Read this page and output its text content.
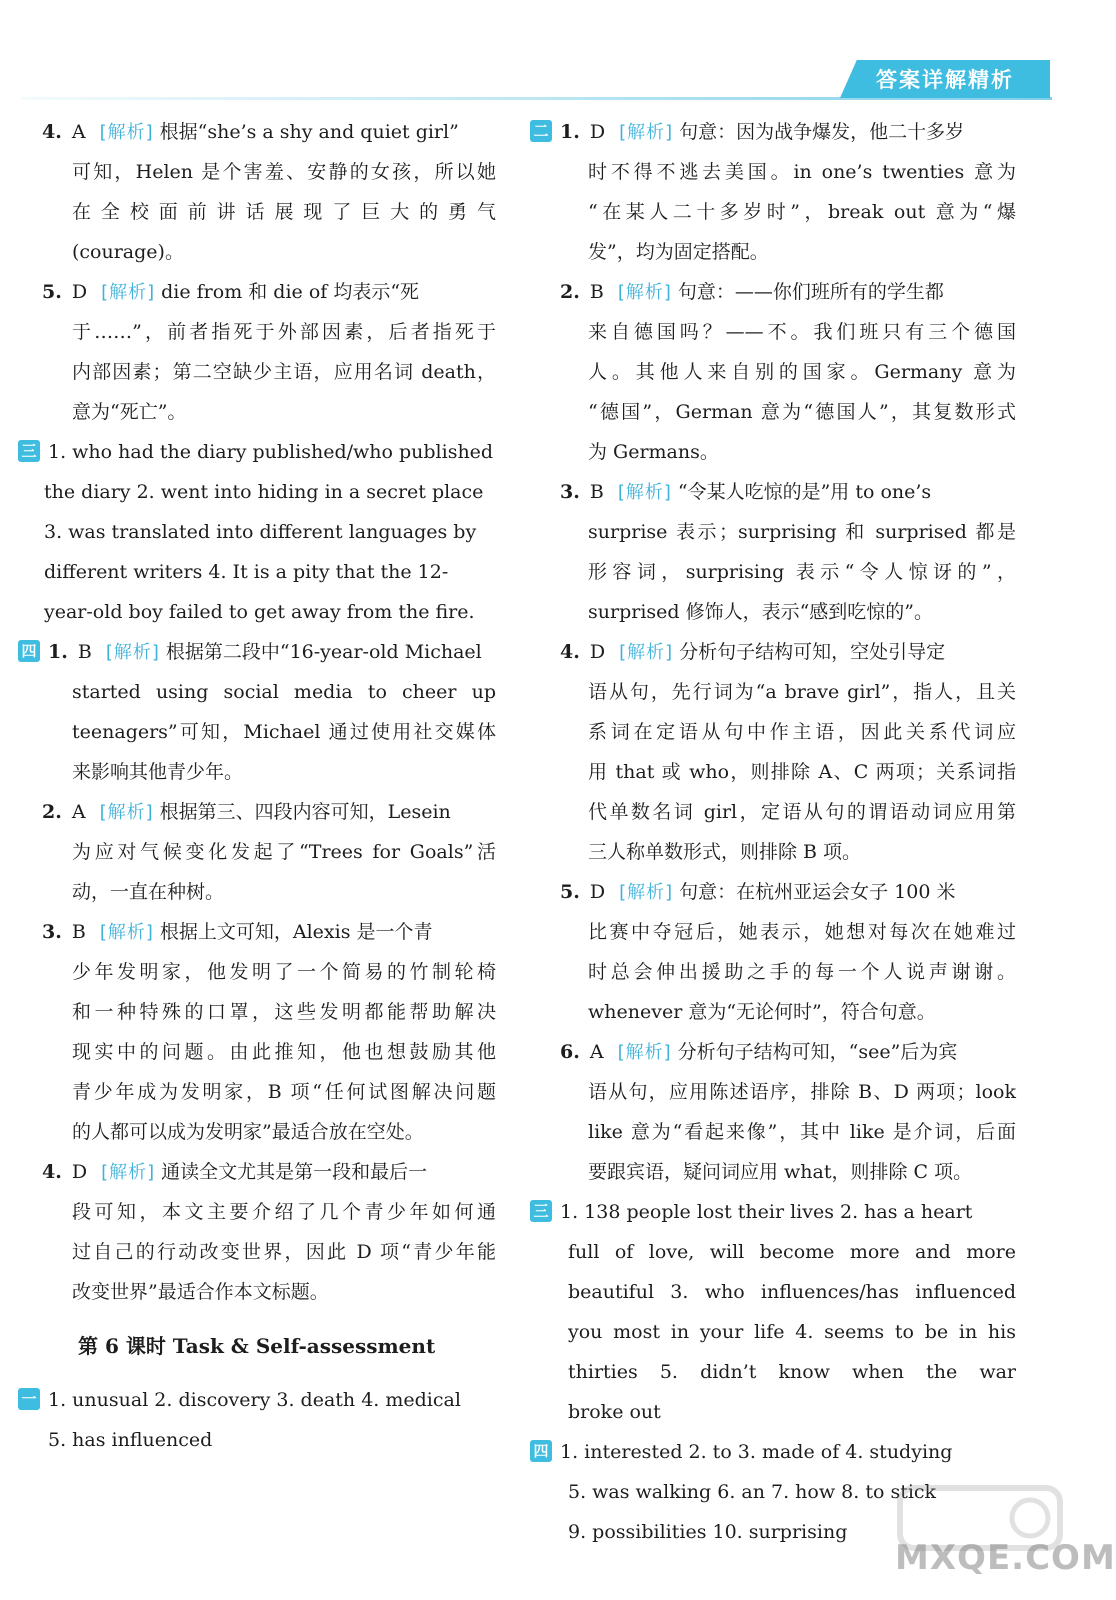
答案详解精析
4. A [解析] 根据“she’s a shy and quiet girl”
可知，Helen 是个害羞、安静的女孩，所以她
在全校面前讲话展现了巨大的勇气
(courage)。
5. D [解析] die from 和 die of 均表示“死
于……”，前者指死于外部因素，后者指死于
内部因素；第二空缺少主语，应用名词 death，
意为“死亡”。
三 1. who had the diary published/who published
the diary 2. went into hiding in a secret place
3. was translated into different languages by
different writers 4. It is a pity that the 12-
year-old boy failed to get away from the fire.
四 1. B [解析] 根据第二段中“16-year-old Michael
started using social media to cheer up
teenagers”可知，Michael 通过使用社交媒体
来影响其他青少年。
2. A [解析] 根据第三、四段内容可知，Lesein
为应对气候变化发起了“Trees for Goals”活
动，一直在种树。
3. B [解析] 根据上文可知，Alexis 是一个青
少年发明家，他发明了一个简易的竹制轮椅
和一种特殊的口罩，这些发明都能帮助解决
现实中的问题。由此推知，他也想鼓励其他
青少年成为发明家，B 项“任何试图解决问题
的人都可以成为发明家”最适合放在空处。
4. D [解析] 通读全文尤其是第一段和最后一
段可知，本文主要介绍了几个青少年如何通
过自己的行动改变世界，因此 D 项“青少年能
改变世界”最适合作本文标题。
第 6 课时 Task & Self-assessment
一 1. unusual 2. discovery 3. death 4. medical
5. has influenced
二 1. D [解析] 句意：因为战争爆发，他二十多岁
时不得不逃去美国。in one’s twenties 意为
“在某人二十多岁时”，break out 意为“爆
发”，均为固定搭配。
2. B [解析] 句意：——你们班所有的学生都
来自德国吗？——不。我们班只有三个德国
人。其他人来自别的国家。Germany 意为
“德国”，German 意为“德国人”，其复数形式
为 Germans。
3. B [解析] “令某人吃惊的是”用 to one’s
surprise 表示；surprising 和 surprised 都是
形容词，surprising 表示“令人惊讶的”，
surprised 修饰人，表示“感到吃惊的”。
4. D [解析] 分析句子结构可知，空处引导定
语从句，先行词为“a brave girl”，指人，且关
系词在定语从句中作主语，因此关系代词应
用 that 或 who，则排除 A、C 两项；关系词指
代单数名词 girl，定语从句的谓语动词应用第
三人称单数形式，则排除 B 项。
5. D [解析] 句意：在杭州亚运会女子 100 米
比赛中夺冠后，她表示，她想对每次在她难过
时总会伸出援助之手的每一个人说声谢谢。
whenever 意为“无论何时”，符合句意。
6. A [解析] 分析句子结构可知，“see”后为宾
语从句，应用陈述语序，排除 B、D 两项；look
like 意为“看起来像”，其中 like 是介词，后面
要跟宾语，疑问词应用 what，则排除 C 项。
三 1. 138 people lost their lives 2. has a heart
full of love, will become more and more
beautiful 3. who influences/has influenced
you most in your life 4. seems to be in his
thirties 5. didn’t know when the war
broke out
四 1. interested 2. to 3. made of 4. studying
5. was walking 6. an 7. how 8. to stick
9. possibilities 10. surprising
MXQE.COM
